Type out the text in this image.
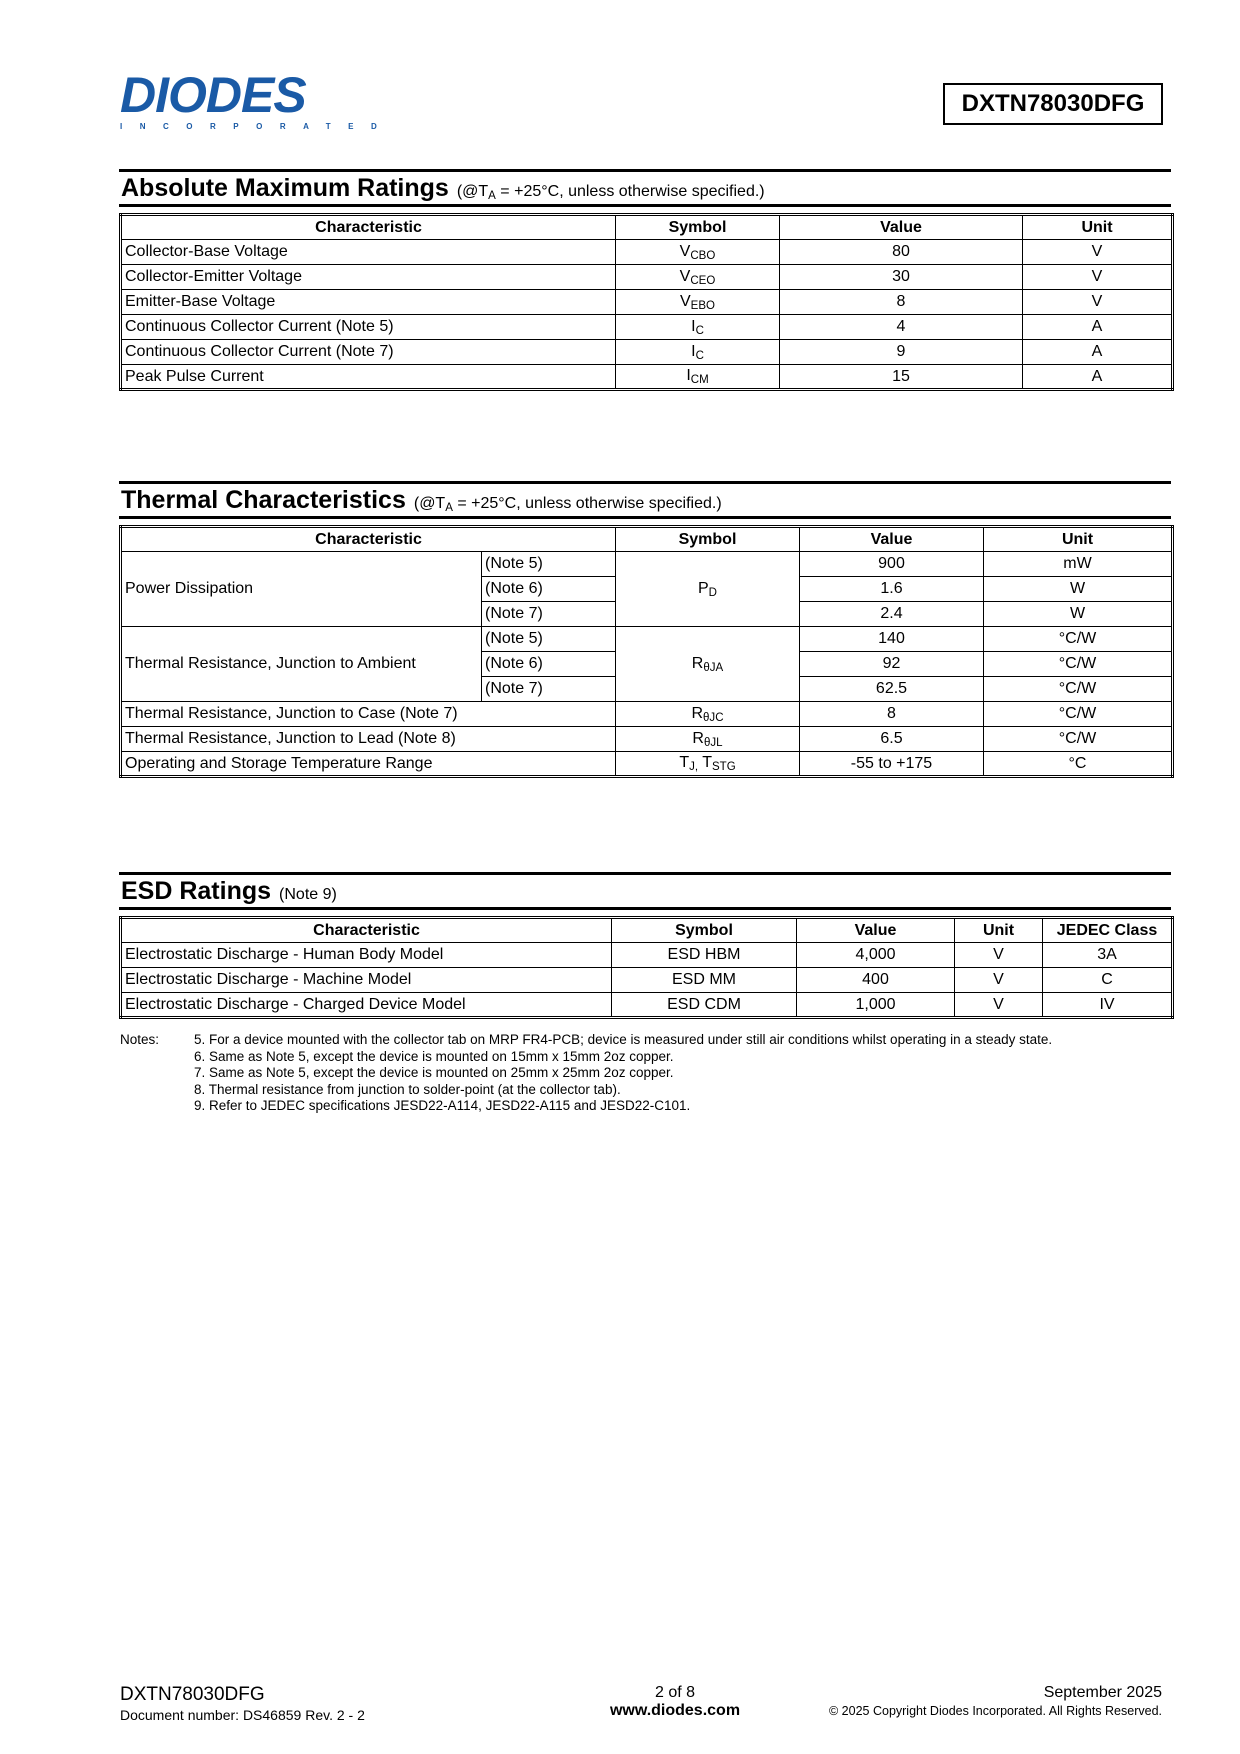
DIODES
INCORPORATED
DXTN78030DFG
Absolute Maximum Ratings ($@T_A = +25^\circ C$, unless otherwise specified.)
Characteristic	Symbol	Value	Unit
Collector-Base Voltage	$V_{CBO}$	80	V
Collector-Emitter Voltage	$V_{CEO}$	30	V
Emitter-Base Voltage	$V_{EBO}$	8	V
Continuous Collector Current (Note 5)	$I_C$	4	A
Continuous Collector Current (Note 7)	$I_C$	9	A
Peak Pulse Current	$I_{CM}$	15	A
Thermal Characteristics ($@T_A = +25^\circ C$, unless otherwise specified.)
Characteristic		Symbol	Value	Unit
Power Dissipation	(Note 5)	$P_D$	900	mW
	(Note 6)		1.6	W
	(Note 7)		2.4	W
Thermal Resistance, Junction to Ambient	(Note 5)	$R_{\theta JA}$	140	°C/W
	(Note 6)		92	°C/W
	(Note 7)		62.5	°C/W
Thermal Resistance, Junction to Case (Note 7)		$R_{\theta JC}$	8	°C/W
Thermal Resistance, Junction to Lead (Note 8)		$R_{\theta JL}$	6.5	°C/W
Operating and Storage Temperature Range		$T_{J,}$ $T_{STG}$	-55 to +175	°C
ESD Ratings (Note 9)
Characteristic	Symbol	Value	Unit	JEDEC Class
Electrostatic Discharge - Human Body Model	ESD HBM	4,000	V	3A
Electrostatic Discharge - Machine Model	ESD MM	400	V	C
Electrostatic Discharge - Charged Device Model	ESD CDM	1,000	V	IV
Notes:	5. For a device mounted with the collector tab on MRP FR4-PCB; device is measured under still air conditions whilst operating in a steady state.
6. Same as Note 5, except the device is mounted on 15mm x 15mm 2oz copper.
7. Same as Note 5, except the device is mounted on 25mm x 25mm 2oz copper.
8. Thermal resistance from junction to solder-point (at the collector tab).
9. Refer to JEDEC specifications JESD22-A114, JESD22-A115 and JESD22-C101.
DXTN78030DFG
Document number: DS46859 Rev. 2 - 2
2 of 8
www.diodes.com
September 2025
© 2025 Copyright Diodes Incorporated. All Rights Reserved.
